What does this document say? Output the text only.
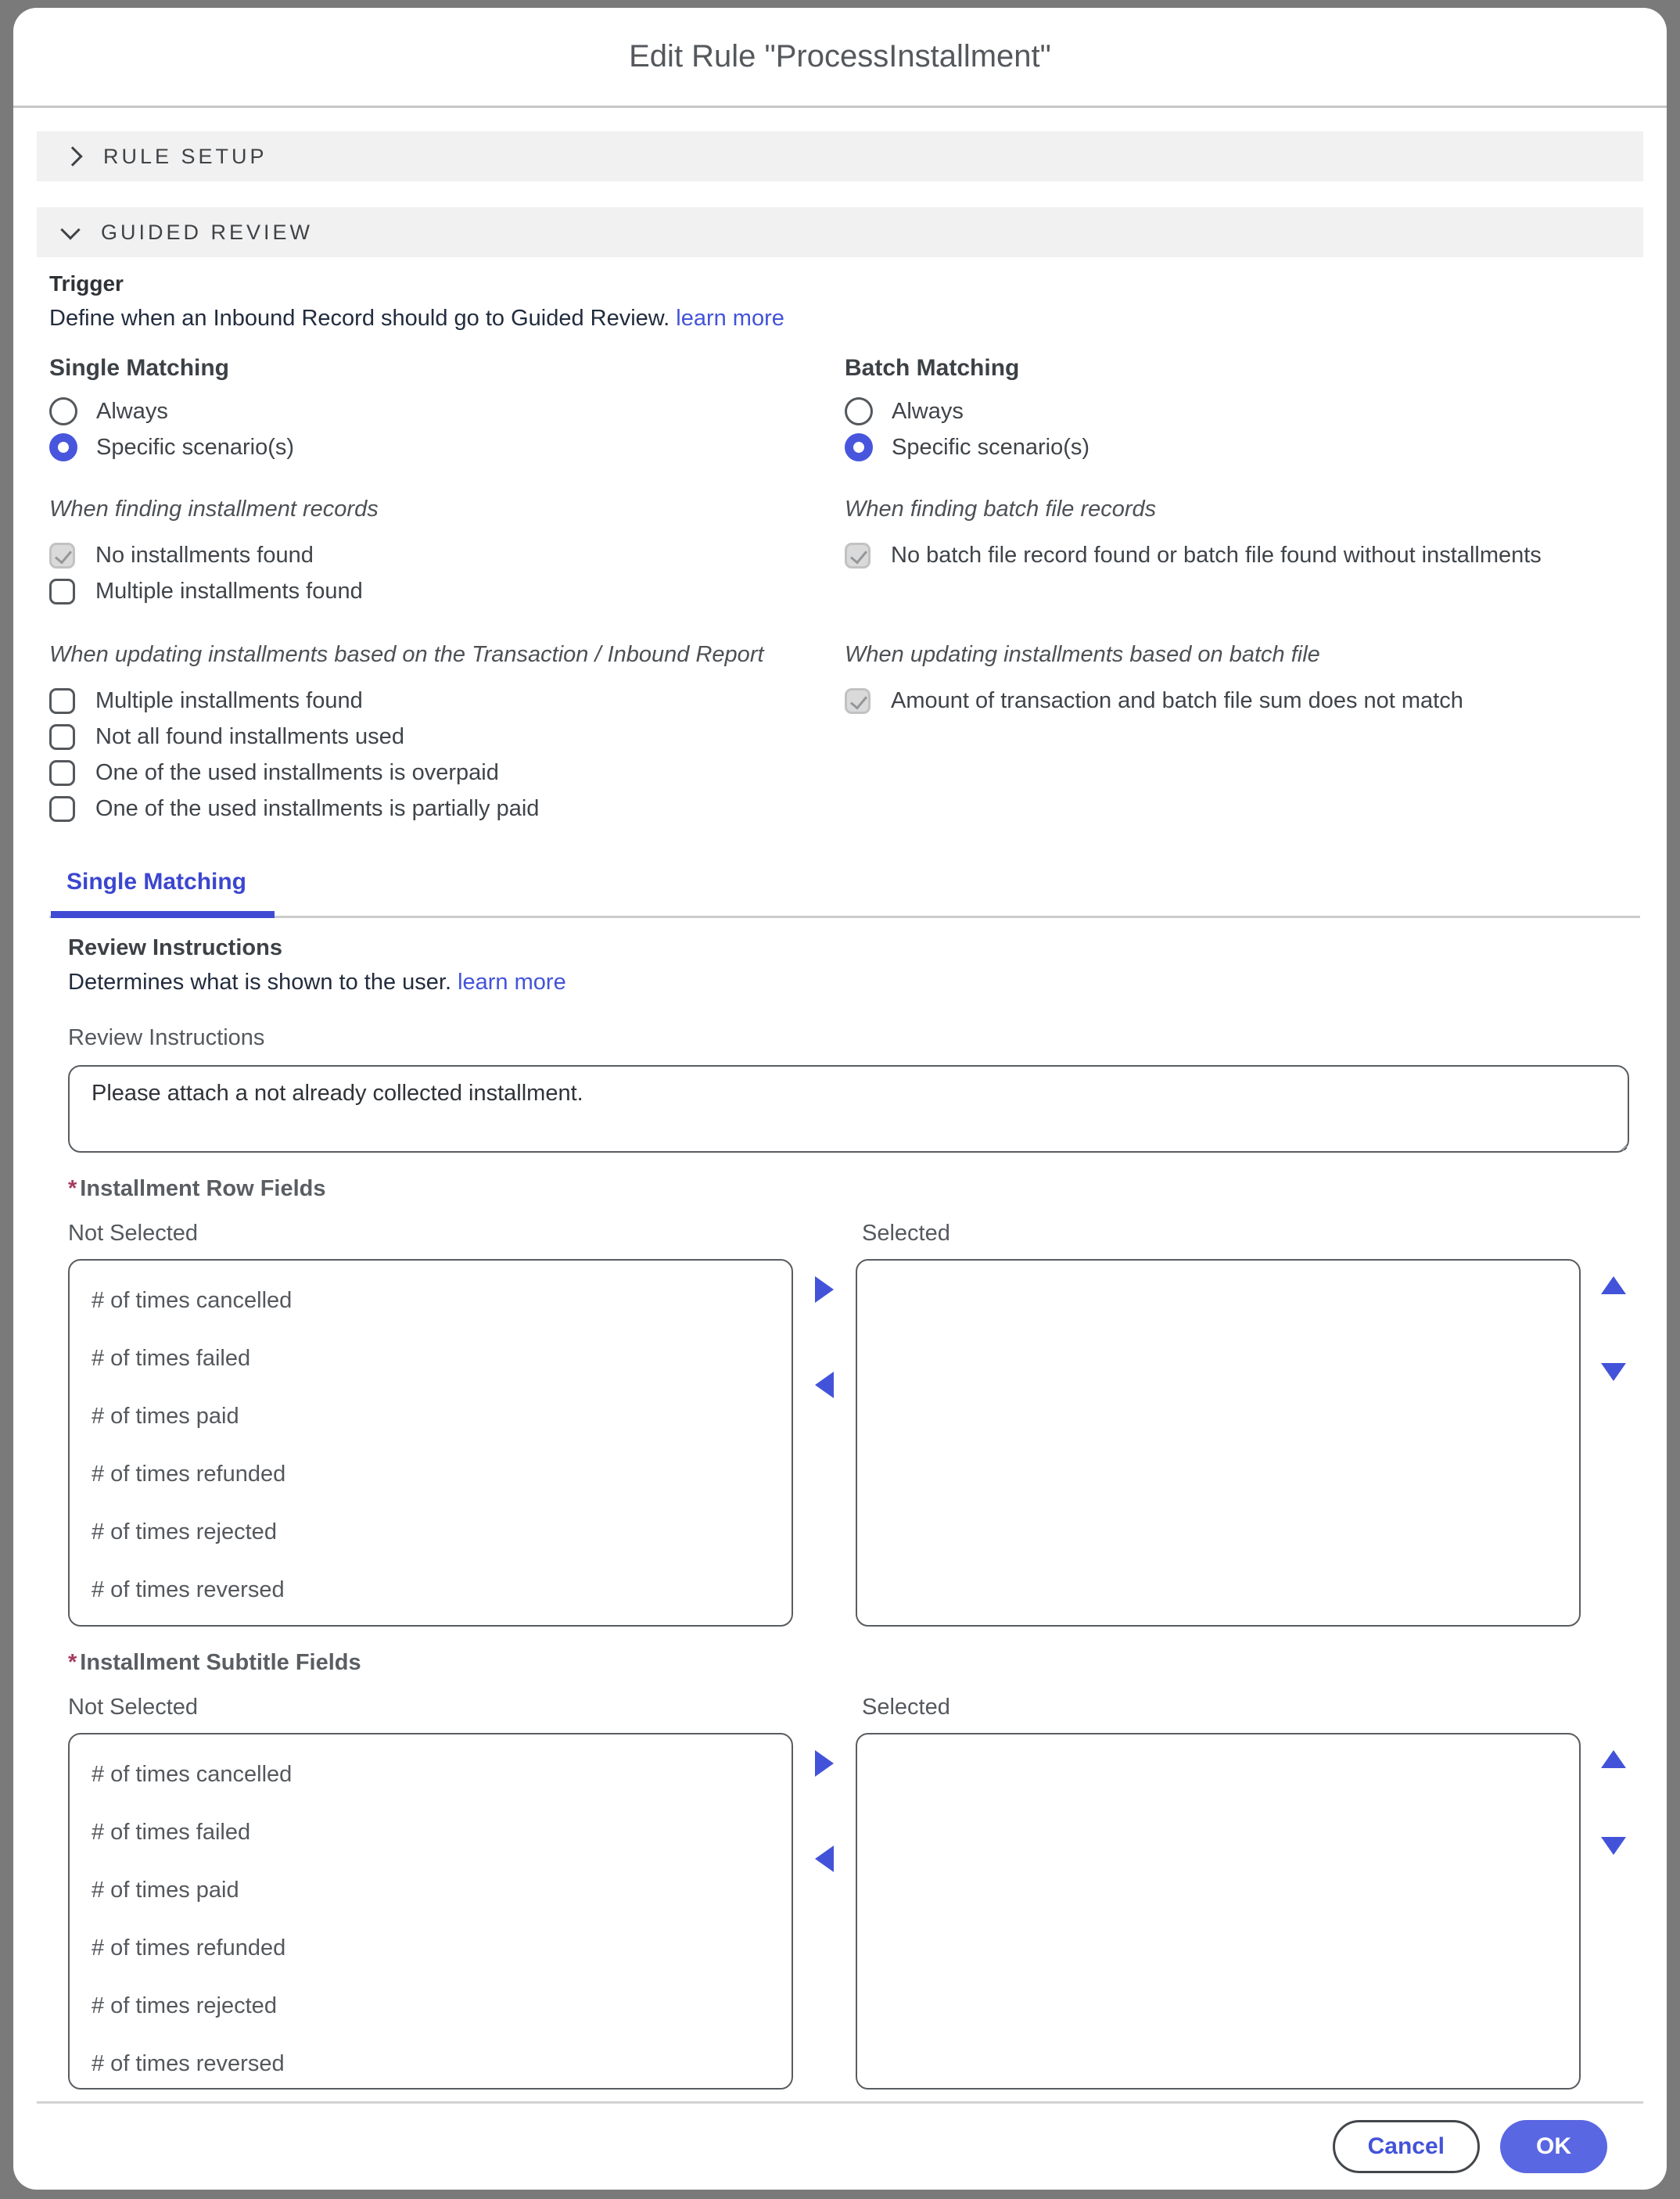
Edit Rule "ProcessInstallment"
RULE SETUP
GUIDED REVIEW
Trigger
Define when an Inbound Record should go to Guided Review. learn more
Single Matching	Batch Matching
Always
Specific scenario(s)
Always
Specific scenario(s)
When finding installment records	When finding batch file records
No installments found
Multiple installments found
No batch file record found or batch file found without installments
When updating installments based on the Transaction / Inbound Report	When updating installments based on batch file
Multiple installments found
Not all found installments used
One of the used installments is overpaid
One of the used installments is partially paid
Amount of transaction and batch file sum does not match
Single Matching
Review Instructions
Determines what is shown to the user. learn more
Review Instructions
Please attach a not already collected installment.
* Installment Row Fields
Not Selected	Selected
# of times cancelled
# of times failed
# of times paid
# of times refunded
# of times rejected
# of times reversed
* Installment Subtitle Fields
Not Selected	Selected
# of times cancelled
# of times failed
# of times paid
# of times refunded
# of times rejected
# of times reversed
Cancel	OK
